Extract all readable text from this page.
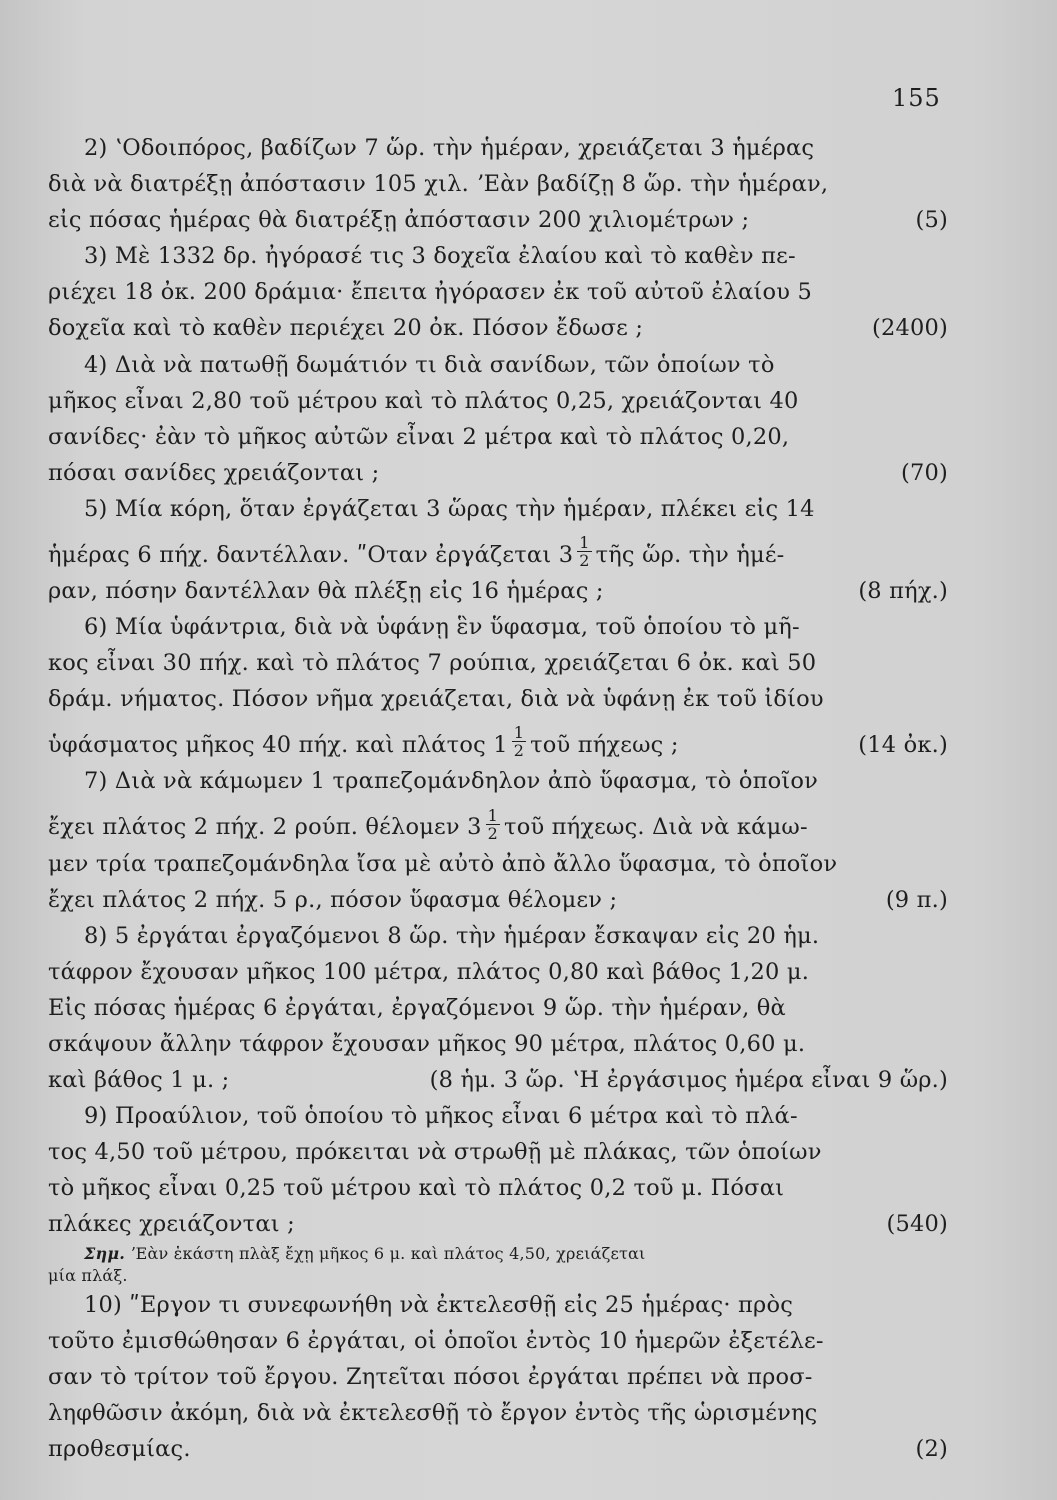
155
2) ʽΟδοιπόρος, βαδίζων 7 ὥρ. τὴν ἡμέραν, χρειάζεται 3 ἡμέρας
διὰ νὰ διατρέξῃ ἀπόστασιν 105 χιλ. ʼΕὰν βαδίζῃ 8 ὥρ. τὴν ἡμέραν,
εἰς πόσας ἡμέρας θὰ διατρέξῃ ἀπόστασιν 200 χιλιομέτρων ;	(5)
3) Μὲ 1332 δρ. ἠγόρασέ τις 3 δοχεῖα ἐλαίου καὶ τὸ καθὲν πε-
ριέχει 18 ὀκ. 200 δράμια· ἔπειτα ἠγόρασεν ἐκ τοῦ αὐτοῦ ἐλαίου 5
δοχεῖα καὶ τὸ καθὲν περιέχει 20 ὀκ. Πόσον ἔδωσε ;	(2400)
4) Διὰ νὰ πατωθῇ δωμάτιόν τι διὰ σανίδων, τῶν ὁποίων τὸ
μῆκος εἶναι 2,80 τοῦ μέτρου καὶ τὸ πλάτος 0,25, χρειάζονται 40
σανίδες· ἐὰν τὸ μῆκος αὐτῶν εἶναι 2 μέτρα καὶ τὸ πλάτος 0,20,
πόσαι σανίδες χρειάζονται ;	(70)
5) Μία κόρη, ὅταν ἐργάζεται 3 ὥρας τὴν ἡμέραν, πλέκει εἰς 14
ἡμέρας 6 πήχ. δαντέλλαν. ʺΟταν ἐργάζεται $3 \frac{1}{2}$ τῆς ὥρ. τὴν ἡμέ-
ραν, πόσην δαντέλλαν θὰ πλέξῃ εἰς 16 ἡμέρας ;	(8 πήχ.)
6) Μία ὑφάντρια, διὰ νὰ ὑφάνῃ ἓν ὕφασμα, τοῦ ὁποίου τὸ μῆ-
κος εἶναι 30 πήχ. καὶ τὸ πλάτος 7 ρούπια, χρειάζεται 6 ὀκ. καὶ 50
δράμ. νήματος. Πόσον νῆμα χρειάζεται, διὰ νὰ ὑφάνῃ ἐκ τοῦ ἰδίου
ὑφάσματος μῆκος 40 πήχ. καὶ πλάτος $1 \frac{1}{2}$ τοῦ πήχεως ;	(14 ὀκ.)
7) Διὰ νὰ κάμωμεν 1 τραπεζομάνδηλον ἀπὸ ὕφασμα, τὸ ὁποῖον
ἔχει πλάτος 2 πήχ. 2 ρούπ. θέλομεν $3 \frac{1}{2}$ τοῦ πήχεως. Διὰ νὰ κάμω-
μεν τρία τραπεζομάνδηλα ἴσα μὲ αὐτὸ ἀπὸ ἄλλο ὕφασμα, τὸ ὁποῖον
ἔχει πλάτος 2 πήχ. 5 ρ., πόσον ὕφασμα θέλομεν ;	(9 π.)
8) 5 ἐργάται ἐργαζόμενοι 8 ὥρ. τὴν ἡμέραν ἔσκαψαν εἰς 20 ἡμ.
τάφρον ἔχουσαν μῆκος 100 μέτρα, πλάτος 0,80 καὶ βάθος 1,20 μ.
Εἰς πόσας ἡμέρας 6 ἐργάται, ἐργαζόμενοι 9 ὥρ. τὴν ἡμέραν, θὰ
σκάψουν ἄλλην τάφρον ἔχουσαν μῆκος 90 μέτρα, πλάτος 0,60 μ.
καὶ βάθος 1 μ. ;	(8 ἡμ. 3 ὥρ. ʽΗ ἐργάσιμος ἡμέρα εἶναι 9 ὥρ.)
9) Προαύλιον, τοῦ ὁποίου τὸ μῆκος εἶναι 6 μέτρα καὶ τὸ πλά-
τος 4,50 τοῦ μέτρου, πρόκειται νὰ στρωθῇ μὲ πλάκας, τῶν ὁποίων
τὸ μῆκος εἶναι 0,25 τοῦ μέτρου καὶ τὸ πλάτος 0,2 τοῦ μ. Πόσαι
πλάκες χρειάζονται ;	(540)
Σημ. ʼΕὰν ἑκάστη πλὰξ ἔχῃ μῆκος 6 μ. καὶ πλάτος 4,50, χρειάζεται
μία πλάξ.
10) ʺΕργον τι συνεφωνήθη νὰ ἐκτελεσθῇ εἰς 25 ἡμέρας· πρὸς
τοῦτο ἐμισθώθησαν 6 ἐργάται, οἱ ὁποῖοι ἐντὸς 10 ἡμερῶν ἐξετέλε-
σαν τὸ τρίτον τοῦ ἔργου. Ζητεῖται πόσοι ἐργάται πρέπει νὰ προσ-
ληφθῶσιν ἀκόμη, διὰ νὰ ἐκτελεσθῇ τὸ ἔργον ἐντὸς τῆς ὡρισμένης
προθεσμίας.	(2)
